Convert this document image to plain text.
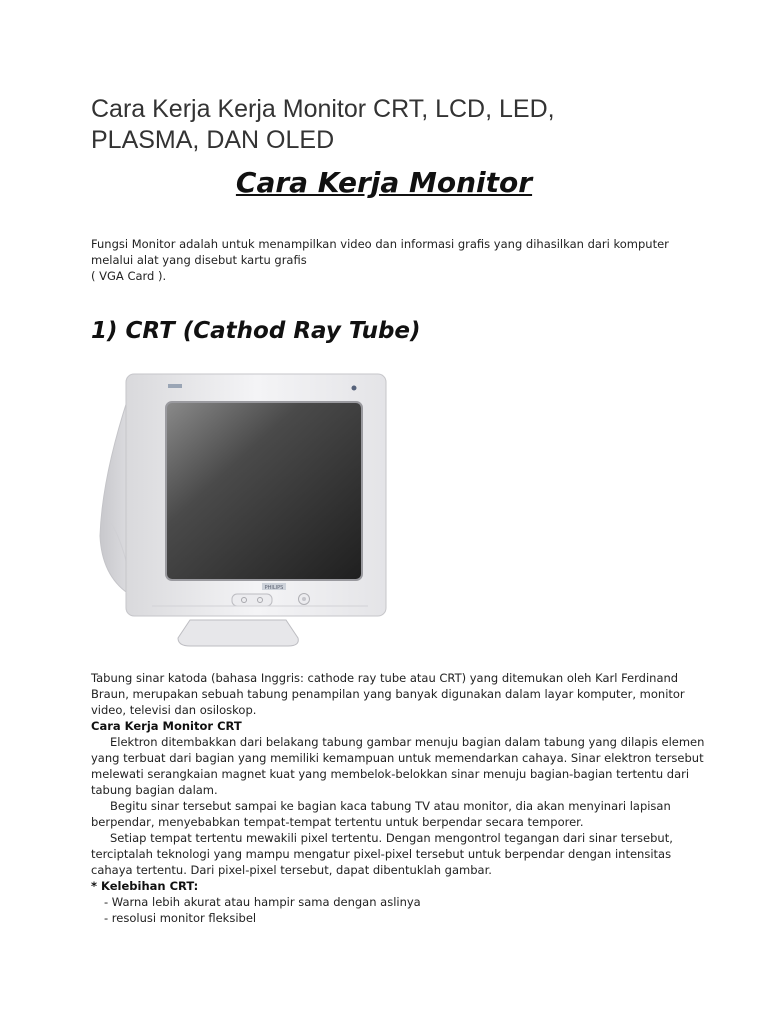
Cara Kerja Kerja Monitor CRT, LCD, LED,
PLASMA, DAN OLED
Cara Kerja Monitor
Fungsi Monitor adalah untuk menampilkan video dan informasi grafis yang dihasilkan dari komputer
melalui alat yang disebut kartu grafis
( VGA Card ).
1) CRT (Cathod Ray Tube)
PHILIPS
Tabung sinar katoda (bahasa Inggris: cathode ray tube atau CRT) yang ditemukan oleh Karl Ferdinand
Braun, merupakan sebuah tabung penampilan yang banyak digunakan dalam layar komputer, monitor
video, televisi dan osiloskop.
Cara Kerja Monitor CRT
Elektron ditembakkan dari belakang tabung gambar menuju bagian dalam tabung yang dilapis elemen
yang terbuat dari bagian yang memiliki kemampuan untuk memendarkan cahaya. Sinar elektron tersebut
melewati serangkaian magnet kuat yang membelok-belokkan sinar menuju bagian-bagian tertentu dari
tabung bagian dalam.
Begitu sinar tersebut sampai ke bagian kaca tabung TV atau monitor, dia akan menyinari lapisan
berpendar, menyebabkan tempat-tempat tertentu untuk berpendar secara temporer.
Setiap tempat tertentu mewakili pixel tertentu. Dengan mengontrol tegangan dari sinar tersebut,
terciptalah teknologi yang mampu mengatur pixel-pixel tersebut untuk berpendar dengan intensitas
cahaya tertentu. Dari pixel-pixel tersebut, dapat dibentuklah gambar.
* Kelebihan CRT:
- Warna lebih akurat atau hampir sama dengan aslinya
- resolusi monitor fleksibel
